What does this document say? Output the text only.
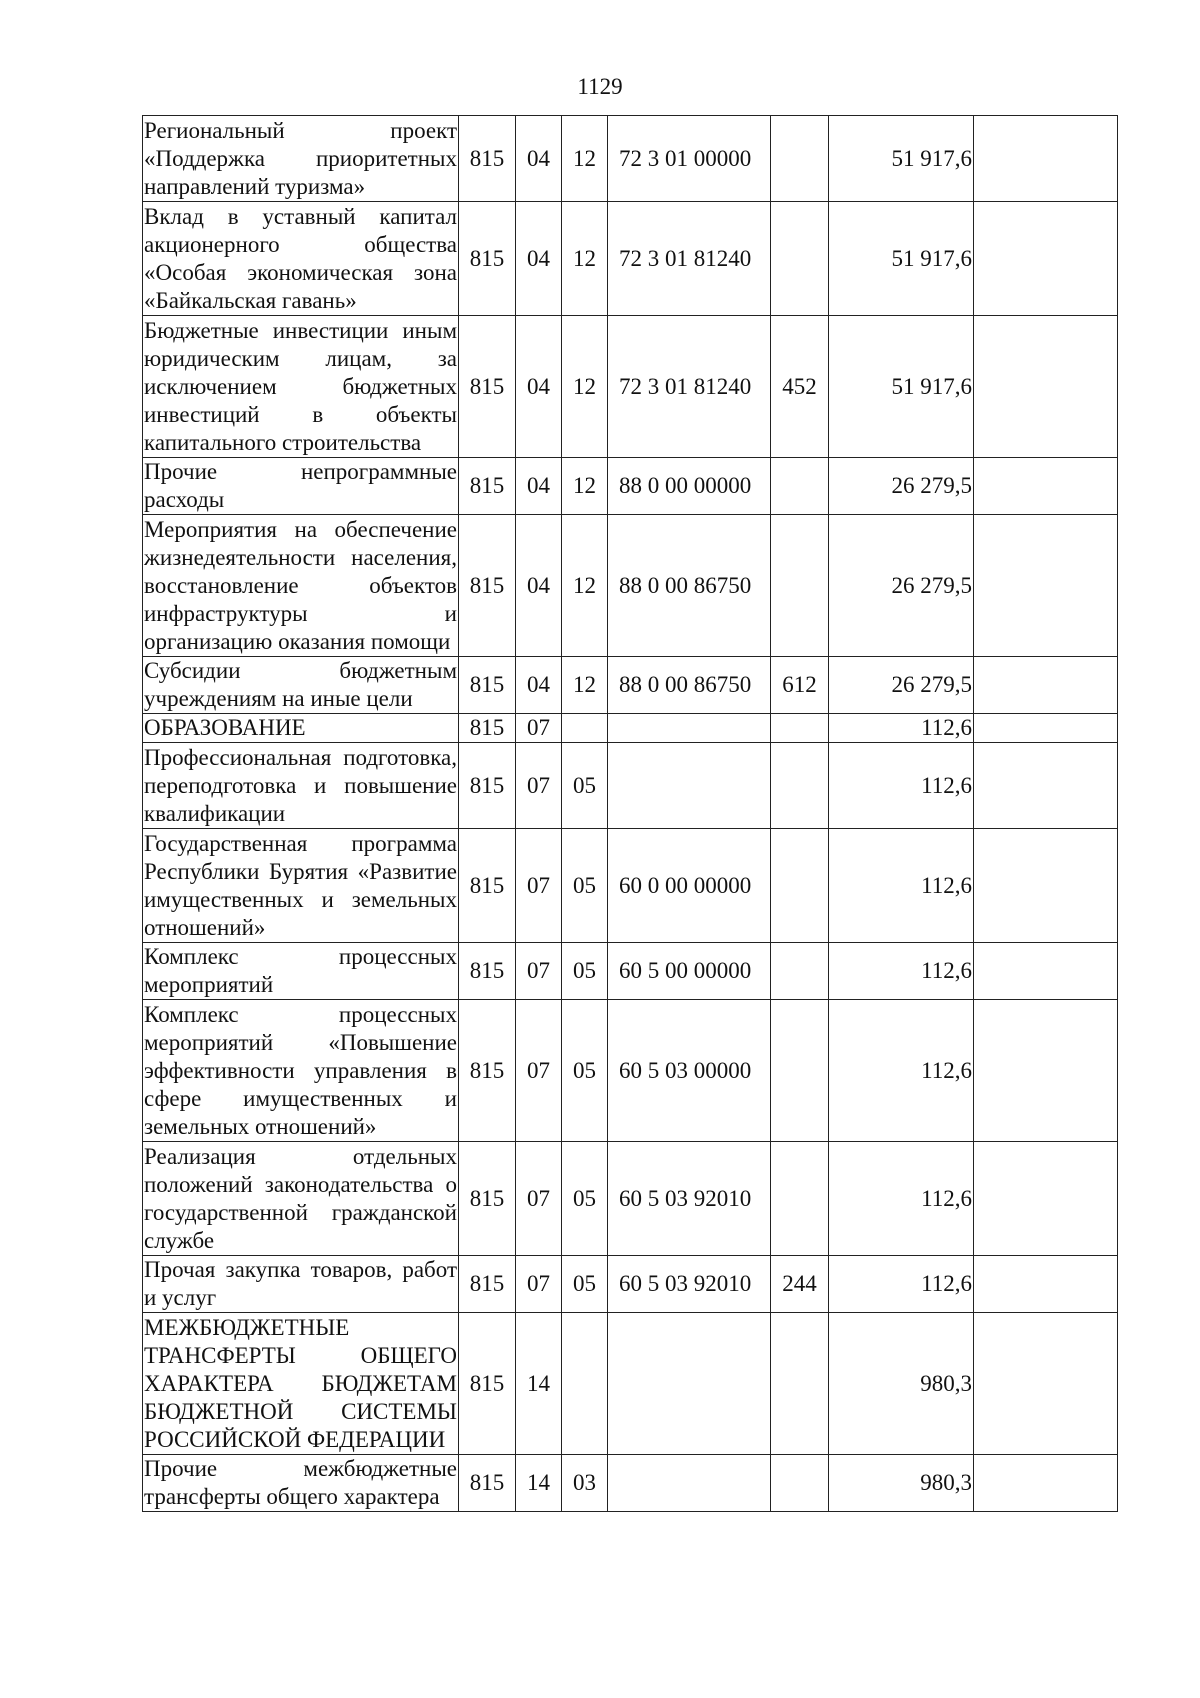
1129
Региональный проект «Поддержка приоритетных направлений туризма»	815	04	12	72 3 01 00000		51 917,6	
Вклад в уставный капитал акционерного общества «Особая экономическая зона «Байкальская гавань»	815	04	12	72 3 01 81240		51 917,6	
Бюджетные инвестиции иным юридическим лицам, за исключением бюджетных инвестиций в объекты капитального строительства	815	04	12	72 3 01 81240	452	51 917,6	
Прочие непрограммные расходы	815	04	12	88 0 00 00000		26 279,5	
Мероприятия на обеспечение жизнедеятельности населения, восстановление объектов инфраструктуры и организацию оказания помощи	815	04	12	88 0 00 86750		26 279,5	
Субсидии бюджетным учреждениям на иные цели	815	04	12	88 0 00 86750	612	26 279,5	
ОБРАЗОВАНИЕ	815	07				112,6	
Профессиональная подготовка, переподготовка и повышение квалификации	815	07	05			112,6	
Государственная программа Республики Бурятия «Развитие имущественных и земельных отношений»	815	07	05	60 0 00 00000		112,6	
Комплекс процессных мероприятий	815	07	05	60 5 00 00000		112,6	
Комплекс процессных мероприятий «Повышение эффективности управления в сфере имущественных и земельных отношений»	815	07	05	60 5 03 00000		112,6	
Реализация отдельных положений законодательства о государственной гражданской службе	815	07	05	60 5 03 92010		112,6	
Прочая закупка товаров, работ и услуг	815	07	05	60 5 03 92010	244	112,6	
МЕЖБЮДЖЕТНЫЕ ТРАНСФЕРТЫ ОБЩЕГО ХАРАКТЕРА БЮДЖЕТАМ БЮДЖЕТНОЙ СИСТЕМЫ РОССИЙСКОЙ ФЕДЕРАЦИИ	815	14				980,3	
Прочие межбюджетные трансферты общего характера	815	14	03			980,3	
